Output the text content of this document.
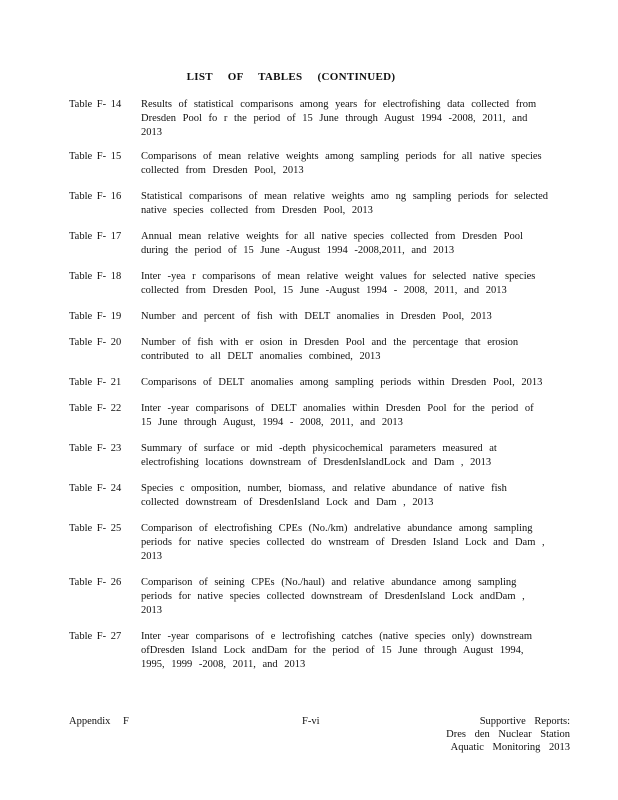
LIST OF TABLES (CONTINUED)
Table F- 14	Results of statistical comparisons among years for electrofishing data collected from Dresden Pool fo r the period of 15 June through August 1994 -2008, 2011, and 2013
Table F- 15	Comparisons of mean relative weights among sampling periods for all native species collected from Dresden Pool, 2013
Table F- 16	Statistical comparisons of mean relative weights amo ng sampling periods for selected native species collected from Dresden Pool, 2013
Table F- 17	Annual mean relative weights for all native species collected from Dresden Pool during the period of 15 June -August 1994 -2008,2011, and 2013
Table F- 18	Inter -yea r comparisons of mean relative weight values for selected native species collected from Dresden Pool, 15 June -August 1994 - 2008, 2011, and 2013
Table F- 19	Number and percent of fish with DELT anomalies in Dresden Pool, 2013
Table F- 20	Number of fish with er osion in Dresden Pool and the percentage that erosion contributed to all DELT anomalies combined, 2013
Table F- 21	Comparisons of DELT anomalies among sampling periods within Dresden Pool, 2013
Table F- 22	Inter -year comparisons of DELT anomalies within Dresden Pool for the period of 15 June through August, 1994 - 2008, 2011, and 2013
Table F- 23	Summary of surface or mid -depth physicochemical parameters measured at electrofishing locations downstream of DresdenIslandLock and Dam , 2013
Table F- 24	Species c omposition, number, biomass, and relative abundance of native fish collected downstream of DresdenIsland Lock and Dam , 2013
Table F- 25	Comparison of electrofishing CPEs (No./km) andrelative abundance among sampling periods for native species collected do wnstream of Dresden Island Lock and Dam , 2013
Table F- 26	Comparison of seining CPEs (No./haul) and relative abundance among sampling periods for native species collected downstream of DresdenIsland Lock andDam , 2013
Table F- 27	Inter -year comparisons of e lectrofishing catches (native species only) downstream ofDresden Island Lock andDam for the period of 15 June through August 1994, 1995, 1999 -2008, 2011, and 2013
Appendix F	F-vi	Supportive Reports:
Dres den Nuclear Station
Aquatic Monitoring 2013
